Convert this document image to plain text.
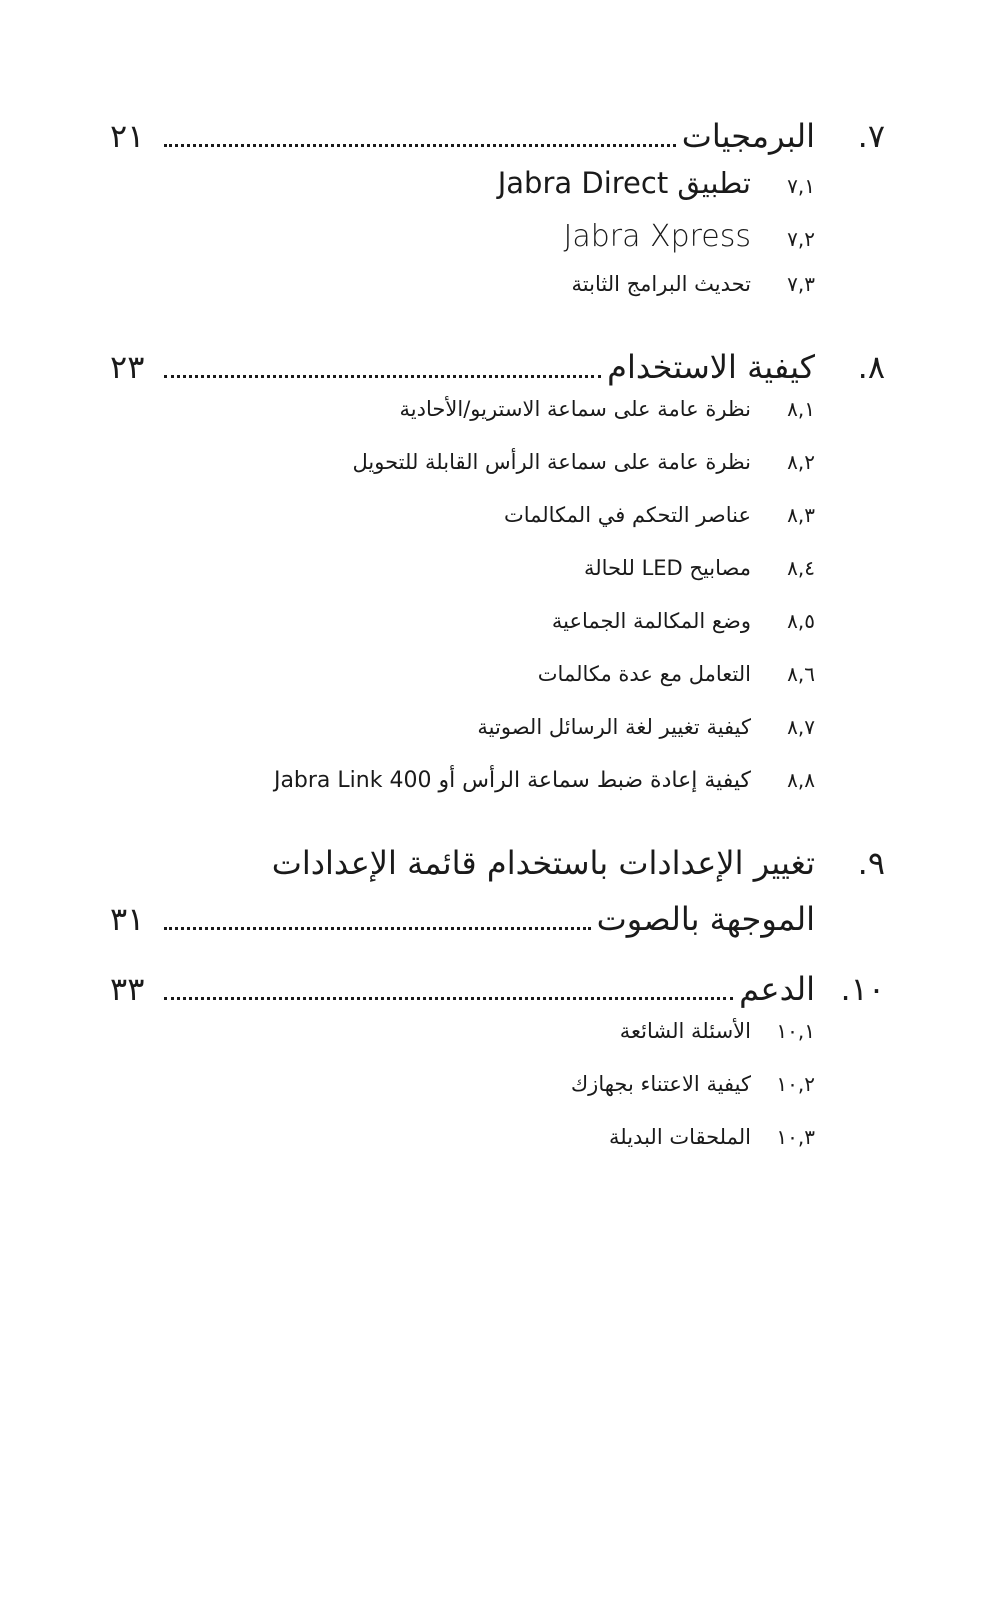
.٧
البرمجيات
٢١
٧,١
تطبيق Jabra Direct
٧,٢
Jabra Xpress
٧,٣
تحديث البرامج الثابتة
.٨
كيفية الاستخدام
٢٣
٨,١
نظرة عامة على سماعة الاستريو/الأحادية
٨,٢
نظرة عامة على سماعة الرأس القابلة للتحويل
٨,٣
عناصر التحكم في المكالمات
٨,٤
مصابيح LED للحالة
٨,٥
وضع المكالمة الجماعية
٨,٦
التعامل مع عدة مكالمات
٨,٧
كيفية تغيير لغة الرسائل الصوتية
٨,٨
كيفية إعادة ضبط سماعة الرأس أو Jabra Link 400
.٩
تغيير الإعدادات باستخدام قائمة الإعدادات
الموجهة بالصوت
٣١
.١٠
الدعم
٣٣
١٠,١
الأسئلة الشائعة
١٠,٢
كيفية الاعتناء بجهازك
١٠,٣
الملحقات البديلة
